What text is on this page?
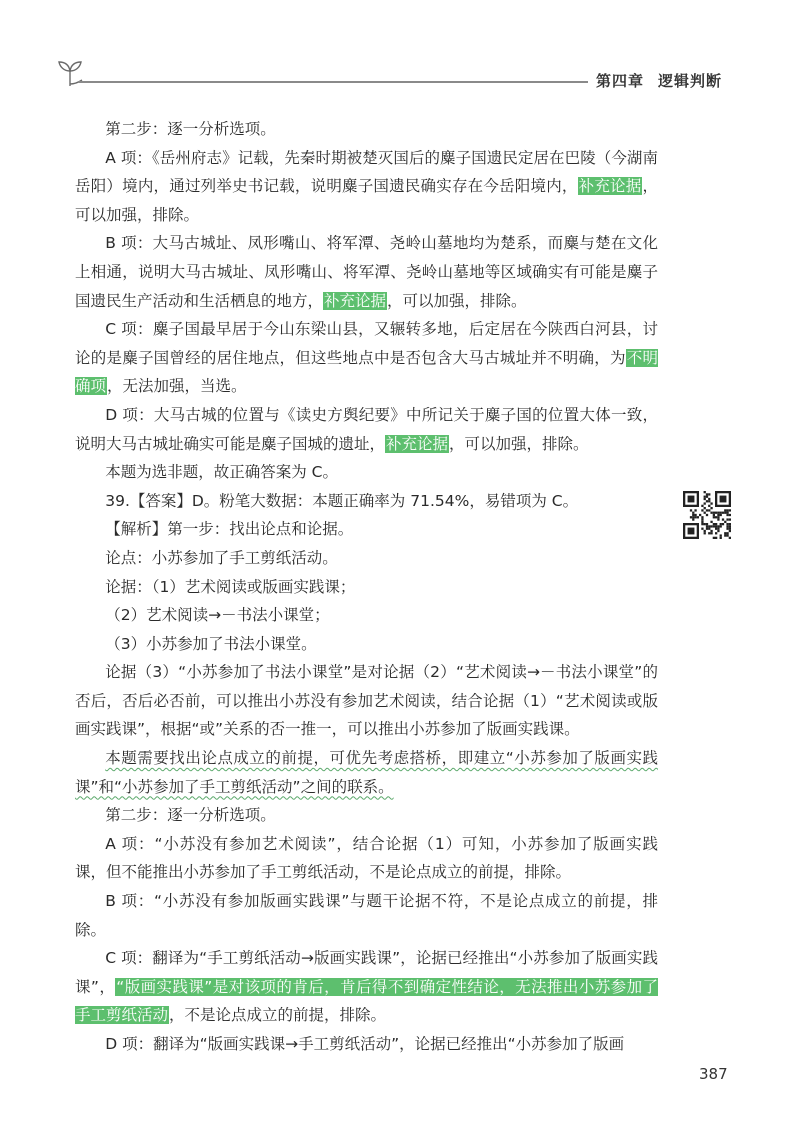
第四章 逻辑判断

第二步：逐一分析选项。

A 项：《岳州府志》记载，先秦时期被楚灭国后的麋子国遗民定居在巴陵（今湖南岳阳）境内，通过列举史书记载，说明麋子国遗民确实存在今岳阳境内，补充论据，可以加强，排除。

B 项：大马古城址、凤形嘴山、将军潭、尧岭山墓地均为楚系，而麋与楚在文化上相通，说明大马古城址、凤形嘴山、将军潭、尧岭山墓地等区域确实有可能是麋子国遗民生产活动和生活栖息的地方，补充论据，可以加强，排除。

C 项：麋子国最早居于今山东梁山县，又辗转多地，后定居在今陕西白河县，讨论的是麋子国曾经的居住地点，但这些地点中是否包含大马古城址并不明确，为不明确项，无法加强，当选。

D 项：大马古城的位置与《读史方舆纪要》中所记关于麋子国的位置大体一致，说明大马古城址确实可能是麋子国城的遗址，补充论据，可以加强，排除。

本题为选非题，故正确答案为 C。

39.【答案】D。粉笔大数据：本题正确率为 71.54%，易错项为 C。

【解析】第一步：找出论点和论据。

论点：小苏参加了手工剪纸活动。

论据：（1）艺术阅读或版画实践课；

（2）艺术阅读→－书法小课堂；

（3）小苏参加了书法小课堂。

论据（3）“小苏参加了书法小课堂”是对论据（2）“艺术阅读→－书法小课堂”的否后，否后必否前，可以推出小苏没有参加艺术阅读，结合论据（1）“艺术阅读或版画实践课”，根据“或”关系的否一推一，可以推出小苏参加了版画实践课。

本题需要找出论点成立的前提，可优先考虑搭桥，即建立“小苏参加了版画实践课”和“小苏参加了手工剪纸活动”之间的联系。

第二步：逐一分析选项。

A 项：“小苏没有参加艺术阅读”，结合论据（1）可知，小苏参加了版画实践课，但不能推出小苏参加了手工剪纸活动，不是论点成立的前提，排除。

B 项：“小苏没有参加版画实践课”与题干论据不符，不是论点成立的前提，排除。

C 项：翻译为“手工剪纸活动→版画实践课”，论据已经推出“小苏参加了版画实践课”，“版画实践课”是对该项的肯后，肯后得不到确定性结论，无法推出小苏参加了手工剪纸活动，不是论点成立的前提，排除。

D 项：翻译为“版画实践课→手工剪纸活动”，论据已经推出“小苏参加了版画

387
